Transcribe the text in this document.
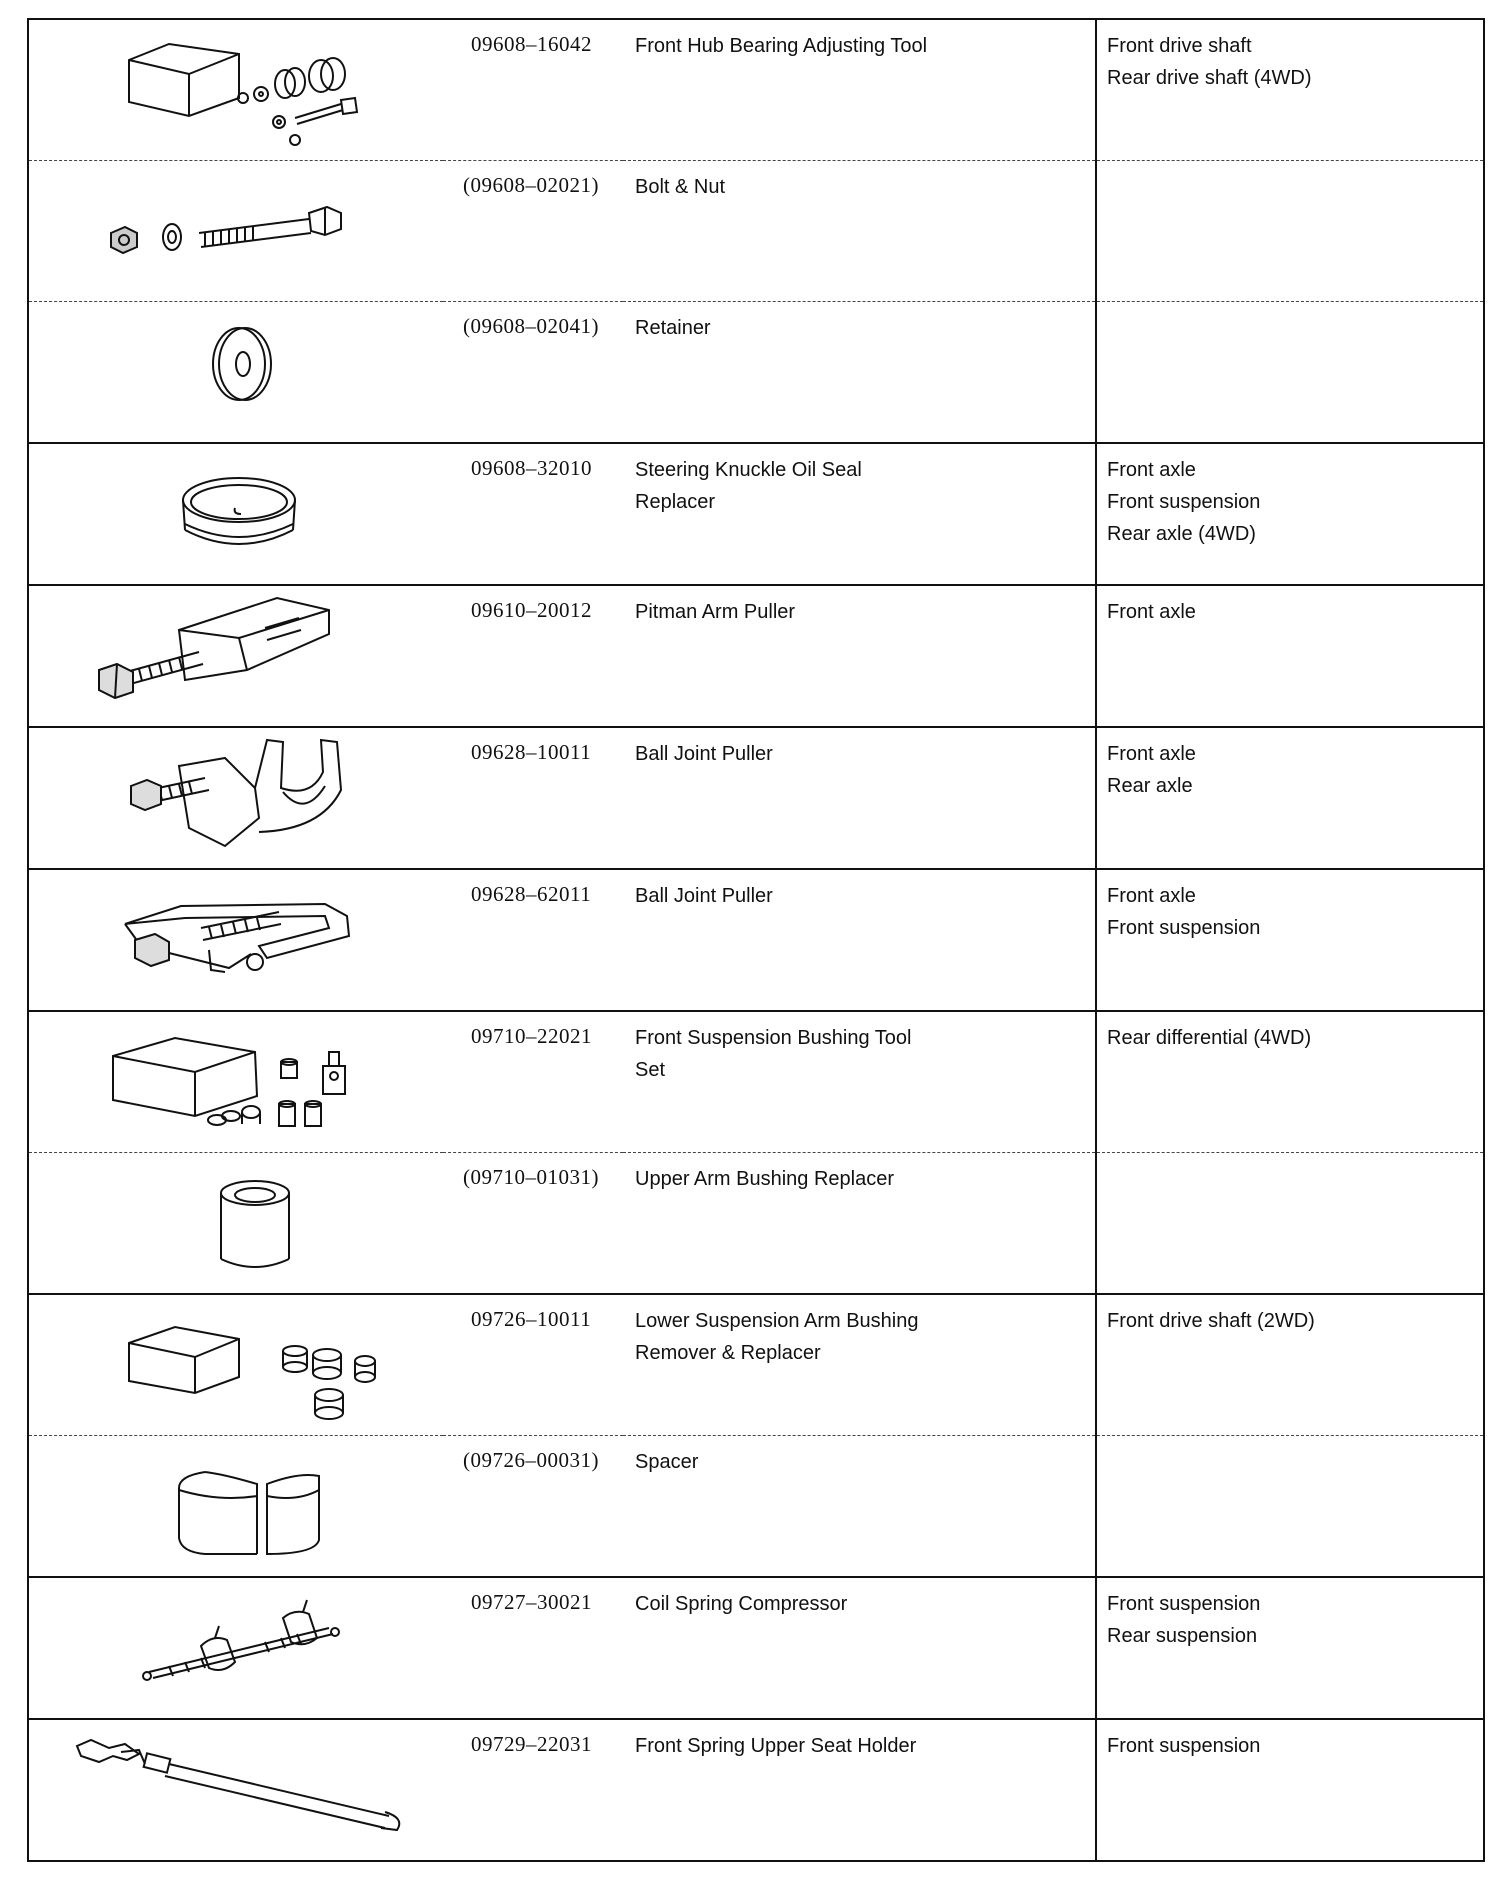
09608–16042	Front Hub Bearing Adjusting Tool	Front drive shaft
Rear drive shaft (4WD)

(09608–02021)	Bolt & Nut	

(09608–02041)	Retainer	

09608–32010	Steering Knuckle Oil Seal
Replacer	Front axle
Front suspension
Rear axle (4WD)

09610–20012	Pitman Arm Puller	Front axle

09628–10011	Ball Joint Puller	Front axle
Rear axle

09628–62011	Ball Joint Puller	Front axle
Front suspension

09710–22021	Front Suspension Bushing Tool
Set	Rear differential (4WD)

(09710–01031)	Upper Arm Bushing Replacer	

09726–10011	Lower Suspension Arm Bushing
Remover & Replacer	Front drive shaft (2WD)

(09726–00031)	Spacer	

09727–30021	Coil Spring Compressor	Front suspension
Rear suspension

09729–22031	Front Spring Upper Seat Holder	Front suspension
